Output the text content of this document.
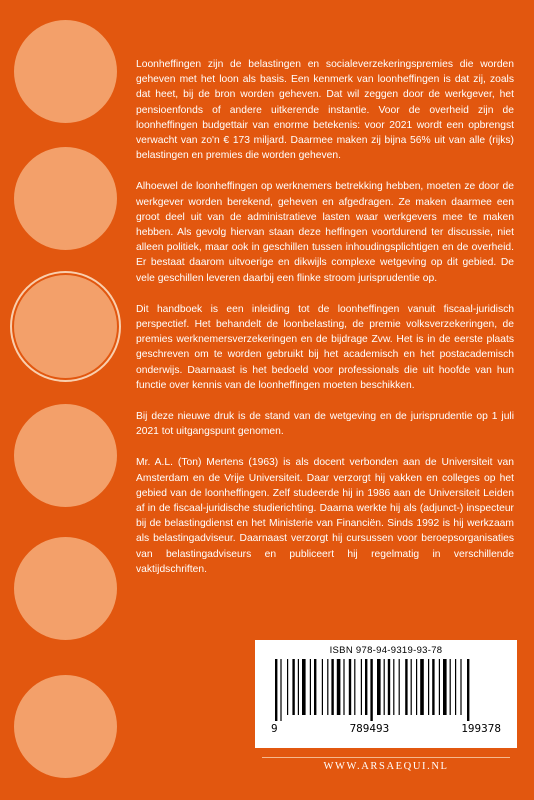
Loonheffingen zijn de belastingen en socialeverzekeringspremies die worden geheven met het loon als basis. Een kenmerk van loonheffingen is dat zij, zoals dat heet, bij de bron worden geheven. Dat wil zeggen door de werkgever, het pensioenfonds of andere uitkerende instantie. Voor de overheid zijn de loonheffingen budgettair van enorme betekenis: voor 2021 wordt een opbrengst verwacht van zo'n € 173 miljard. Daarmee maken zij bijna 56% uit van alle (rijks) belastingen en premies die worden geheven.

Alhoewel de loonheffingen op werknemers betrekking hebben, moeten ze door de werkgever worden berekend, geheven en afgedragen. Ze maken daarmee een groot deel uit van de administratieve lasten waar werkgevers mee te maken hebben. Als gevolg hiervan staan deze heffingen voortdurend ter discussie, niet alleen politiek, maar ook in geschillen tussen inhoudingsplichtigen en de overheid. Er bestaat daarom uitvoerige en dikwijls complexe wetgeving op dit gebied. De vele geschillen leveren daarbij een flinke stroom jurisprudentie op.

Dit handboek is een inleiding tot de loonheffingen vanuit fiscaal-juridisch perspectief. Het behandelt de loonbelasting, de premie volksverzekeringen, de premies werknemersverzekeringen en de bijdrage Zvw. Het is in de eerste plaats geschreven om te worden gebruikt bij het academisch en het postacademisch onderwijs. Daarnaast is het bedoeld voor professionals die uit hoofde van hun functie over kennis van de loonheffingen moeten beschikken.

Bij deze nieuwe druk is de stand van de wetgeving en de jurisprudentie op 1 juli 2021 tot uitgangspunt genomen.

Mr. A.L. (Ton) Mertens (1963) is als docent verbonden aan de Universiteit van Amsterdam en de Vrije Universiteit. Daar verzorgt hij vakken en colleges op het gebied van de loonheffingen. Zelf studeerde hij in 1986 aan de Universiteit Leiden af in de fiscaal-juridische studierichting. Daarna werkte hij als (adjunct-) inspecteur bij de belastingdienst en het Ministerie van Financiën. Sinds 1992 is hij werkzaam als belastingadviseur. Daarnaast verzorgt hij cursussen voor beroepsorganisaties van belastingadviseurs en publiceert hij regelmatig in verschillende vaktijdschriften.

ISBN 978-94-9319-93-78
9	789493	199378
WWW.ARSAEQUI.NL
